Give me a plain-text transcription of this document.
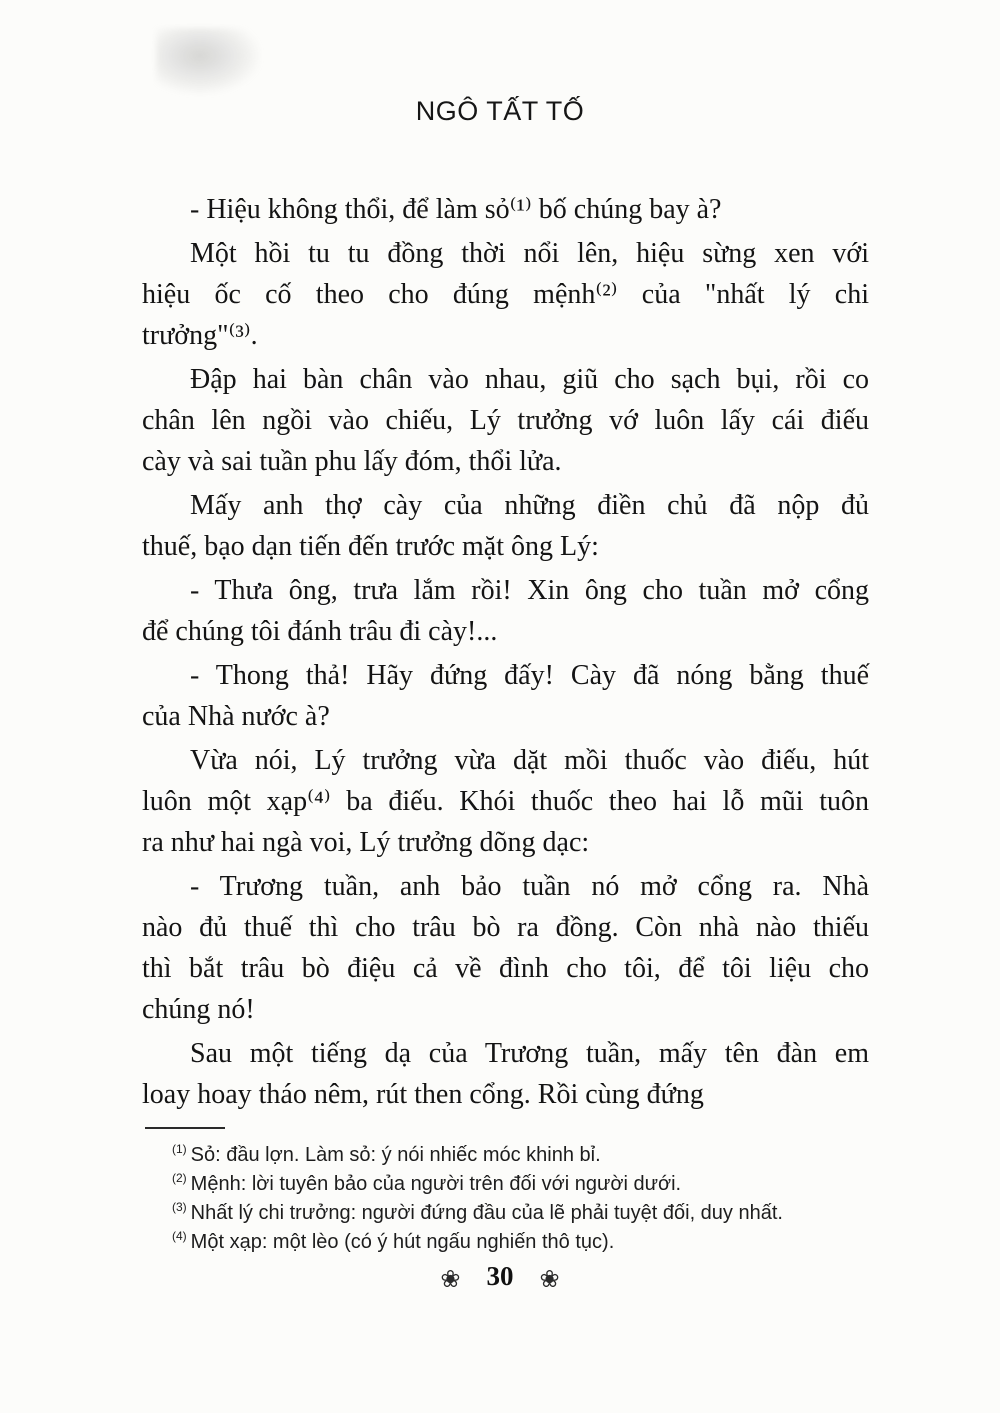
NGÔ TẤT TỐ
- Hiệu không thổi, để làm sỏ⁽¹⁾ bố chúng bay à?
Một hồi tu tu đồng thời nổi lên, hiệu sừng xen với
hiệu ốc cố theo cho đúng mệnh⁽²⁾ của "nhất lý chi
trưởng"⁽³⁾.
Đập hai bàn chân vào nhau, giũ cho sạch bụi, rồi co
chân lên ngồi vào chiếu, Lý trưởng vớ luôn lấy cái điếu
cày và sai tuần phu lấy đóm, thổi lửa.
Mấy anh thợ cày của những điền chủ đã nộp đủ
thuế, bạo dạn tiến đến trước mặt ông Lý:
- Thưa ông, trưa lắm rồi! Xin ông cho tuần mở cổng
để chúng tôi đánh trâu đi cày!...
- Thong thả! Hãy đứng đấy! Cày đã nóng bằng thuế
của Nhà nước à?
Vừa nói, Lý trưởng vừa dặt mồi thuốc vào điếu, hút
luôn một xạp⁽⁴⁾ ba điếu. Khói thuốc theo hai lỗ mũi tuôn
ra như hai ngà voi, Lý trưởng dõng dạc:
- Trương tuần, anh bảo tuần nó mở cổng ra. Nhà
nào đủ thuế thì cho trâu bò ra đồng. Còn nhà nào thiếu
thì bắt trâu bò điệu cả về đình cho tôi, để tôi liệu cho
chúng nó!
Sau một tiếng dạ của Trương tuần, mấy tên đàn em
loay hoay tháo nêm, rút then cổng. Rồi cùng đứng
$^{(1)}$ Sỏ: đầu lợn. Làm sỏ: ý nói nhiếc móc khinh bỉ.
$^{(2)}$ Mệnh: lời tuyên bảo của người trên đối với người dưới.
$^{(3)}$ Nhất lý chi trưởng: người đứng đầu của lẽ phải tuyệt đối, duy nhất.
$^{(4)}$ Một xạp: một lèo (có ý hút ngấu nghiến thô tục).
❀ 30 ❀
